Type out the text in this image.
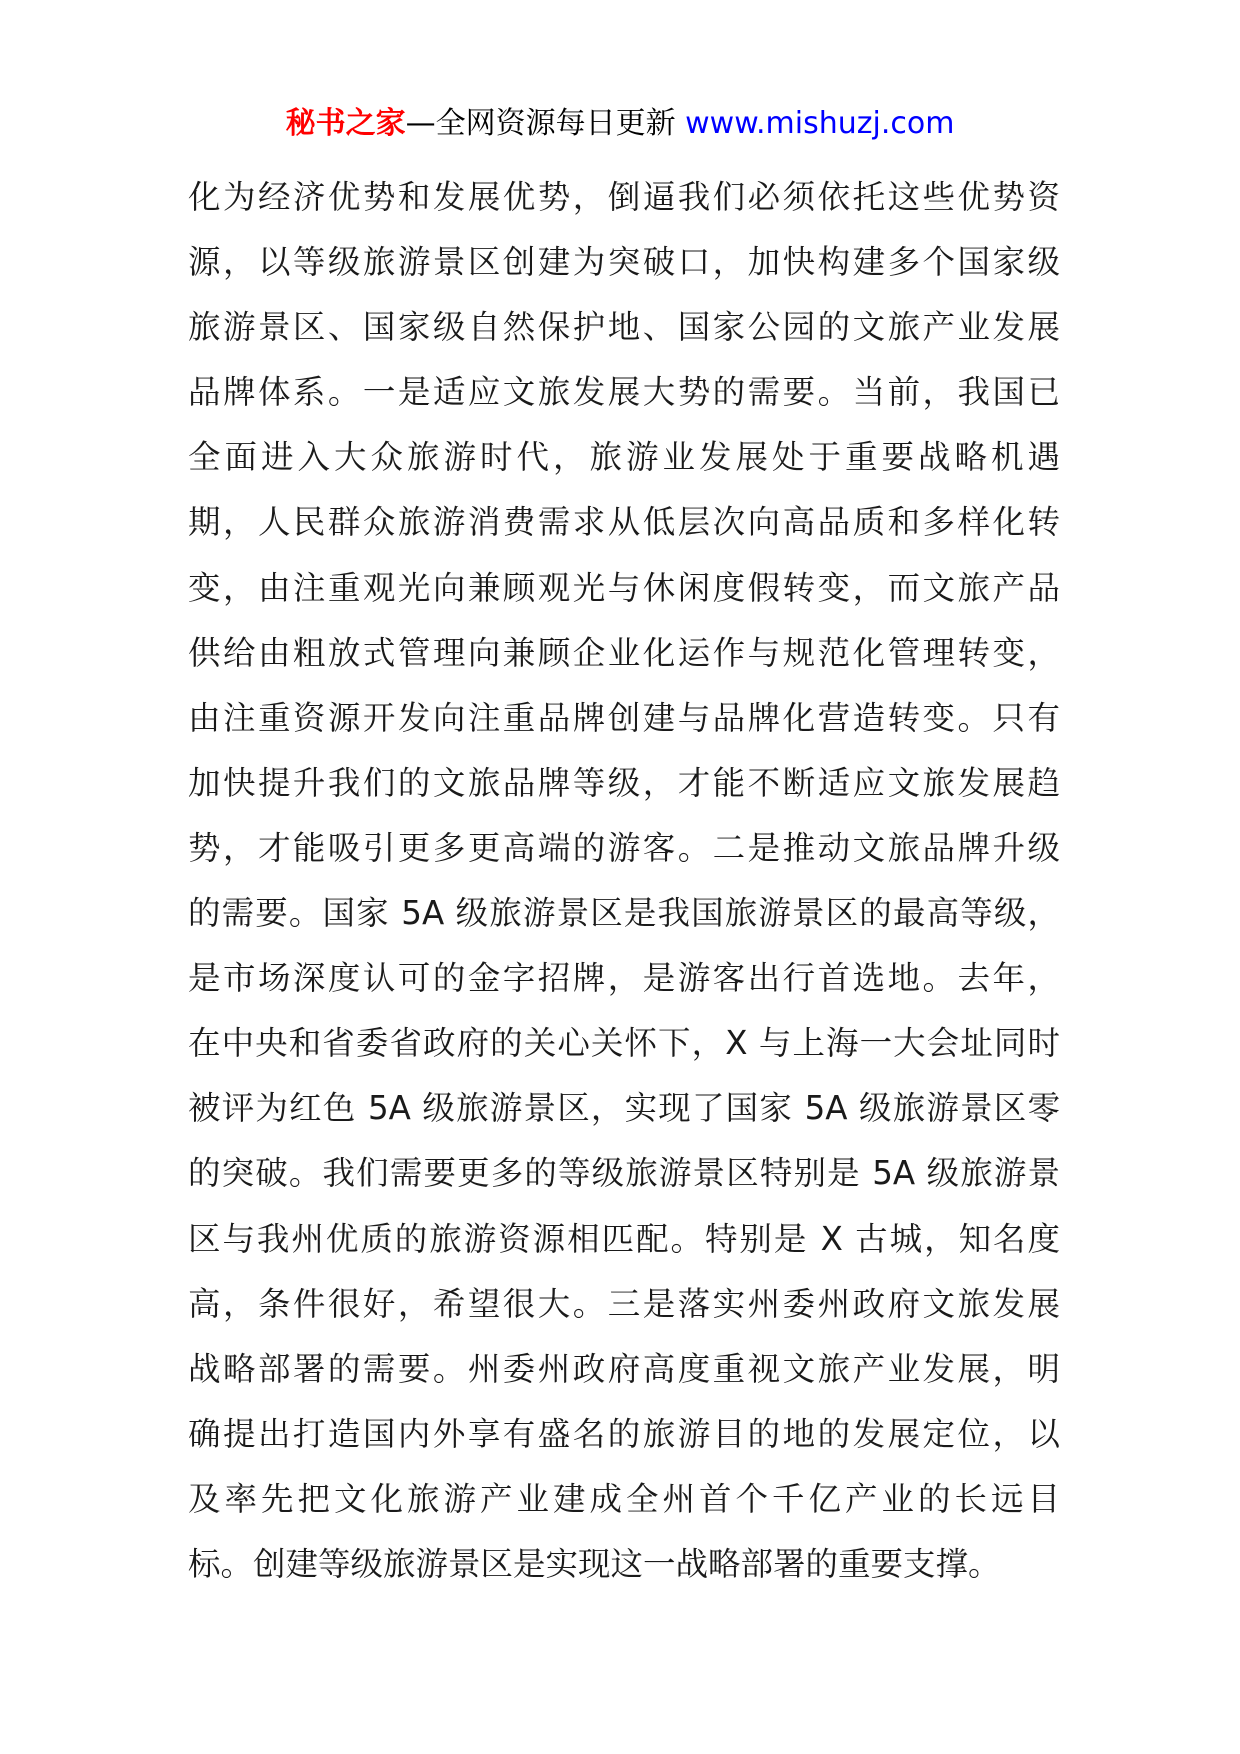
秘书之家—全网资源每日更新 www.mishuzj.com
化为经济优势和发展优势，倒逼我们必须依托这些优势资
源，以等级旅游景区创建为突破口，加快构建多个国家级
旅游景区、国家级自然保护地、国家公园的文旅产业发展
品牌体系。一是适应文旅发展大势的需要。当前，我国已
全面进入大众旅游时代，旅游业发展处于重要战略机遇
期，人民群众旅游消费需求从低层次向高品质和多样化转
变，由注重观光向兼顾观光与休闲度假转变，而文旅产品
供给由粗放式管理向兼顾企业化运作与规范化管理转变，
由注重资源开发向注重品牌创建与品牌化营造转变。只有
加快提升我们的文旅品牌等级，才能不断适应文旅发展趋
势，才能吸引更多更高端的游客。二是推动文旅品牌升级
的需要。国家 5A 级旅游景区是我国旅游景区的最高等级，
是市场深度认可的金字招牌，是游客出行首选地。去年，
在中央和省委省政府的关心关怀下，X 与上海一大会址同时
被评为红色 5A 级旅游景区，实现了国家 5A 级旅游景区零
的突破。我们需要更多的等级旅游景区特别是 5A 级旅游景
区与我州优质的旅游资源相匹配。特别是 X 古城，知名度
高，条件很好，希望很大。三是落实州委州政府文旅发展
战略部署的需要。州委州政府高度重视文旅产业发展，明
确提出打造国内外享有盛名的旅游目的地的发展定位，以
及率先把文化旅游产业建成全州首个千亿产业的长远目
标。创建等级旅游景区是实现这一战略部署的重要支撑。
